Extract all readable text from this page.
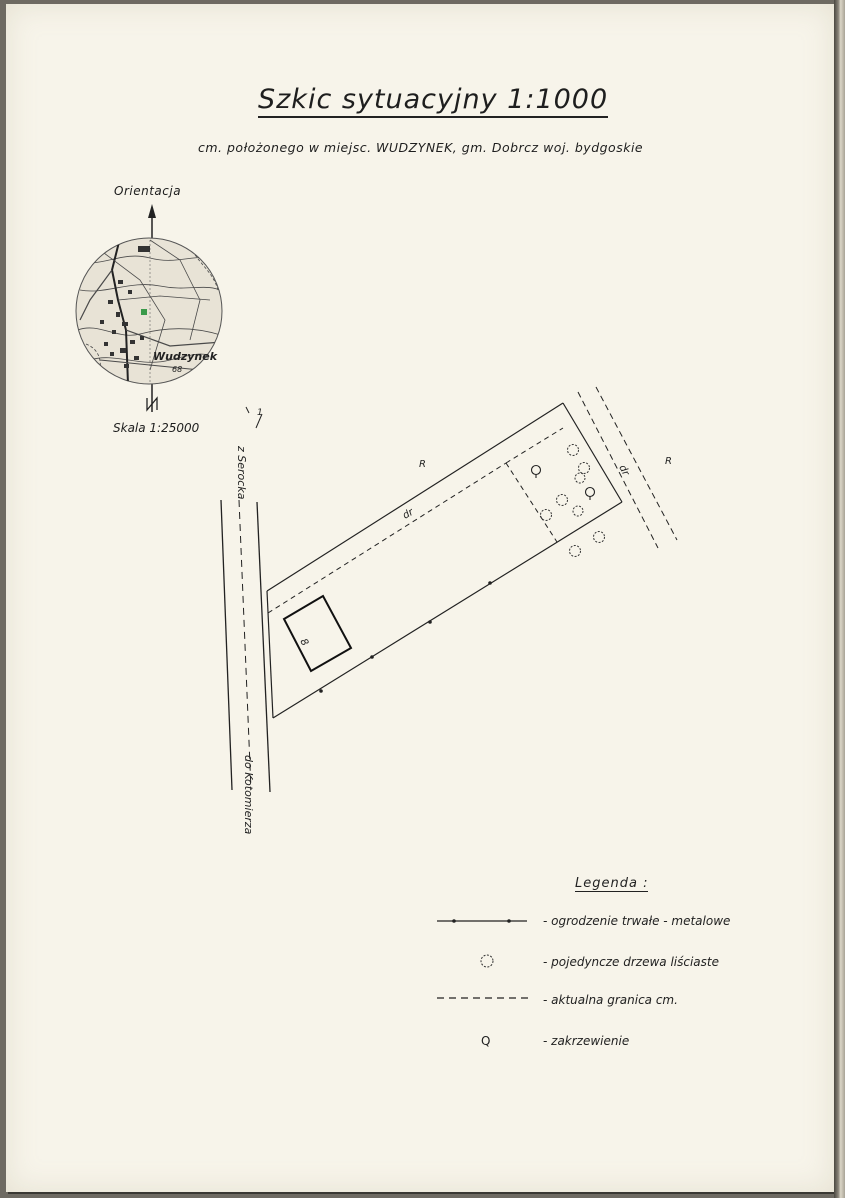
Szkic sytuacyjny 1:1000
cm. położonego w miejsc. WUDZYNEK, gm. Dobrcz woj. bydgoskie
Orientacja
Skala 1:25000
Wudzynek
68
z Serocka
do Kotomierza
1
8
R	R
dr
dr
Legenda :
- ogrodzenie trwałe - metalowe
- pojedyncze drzewa liściaste
- aktualna granica cm.
Q	- zakrzewienie
